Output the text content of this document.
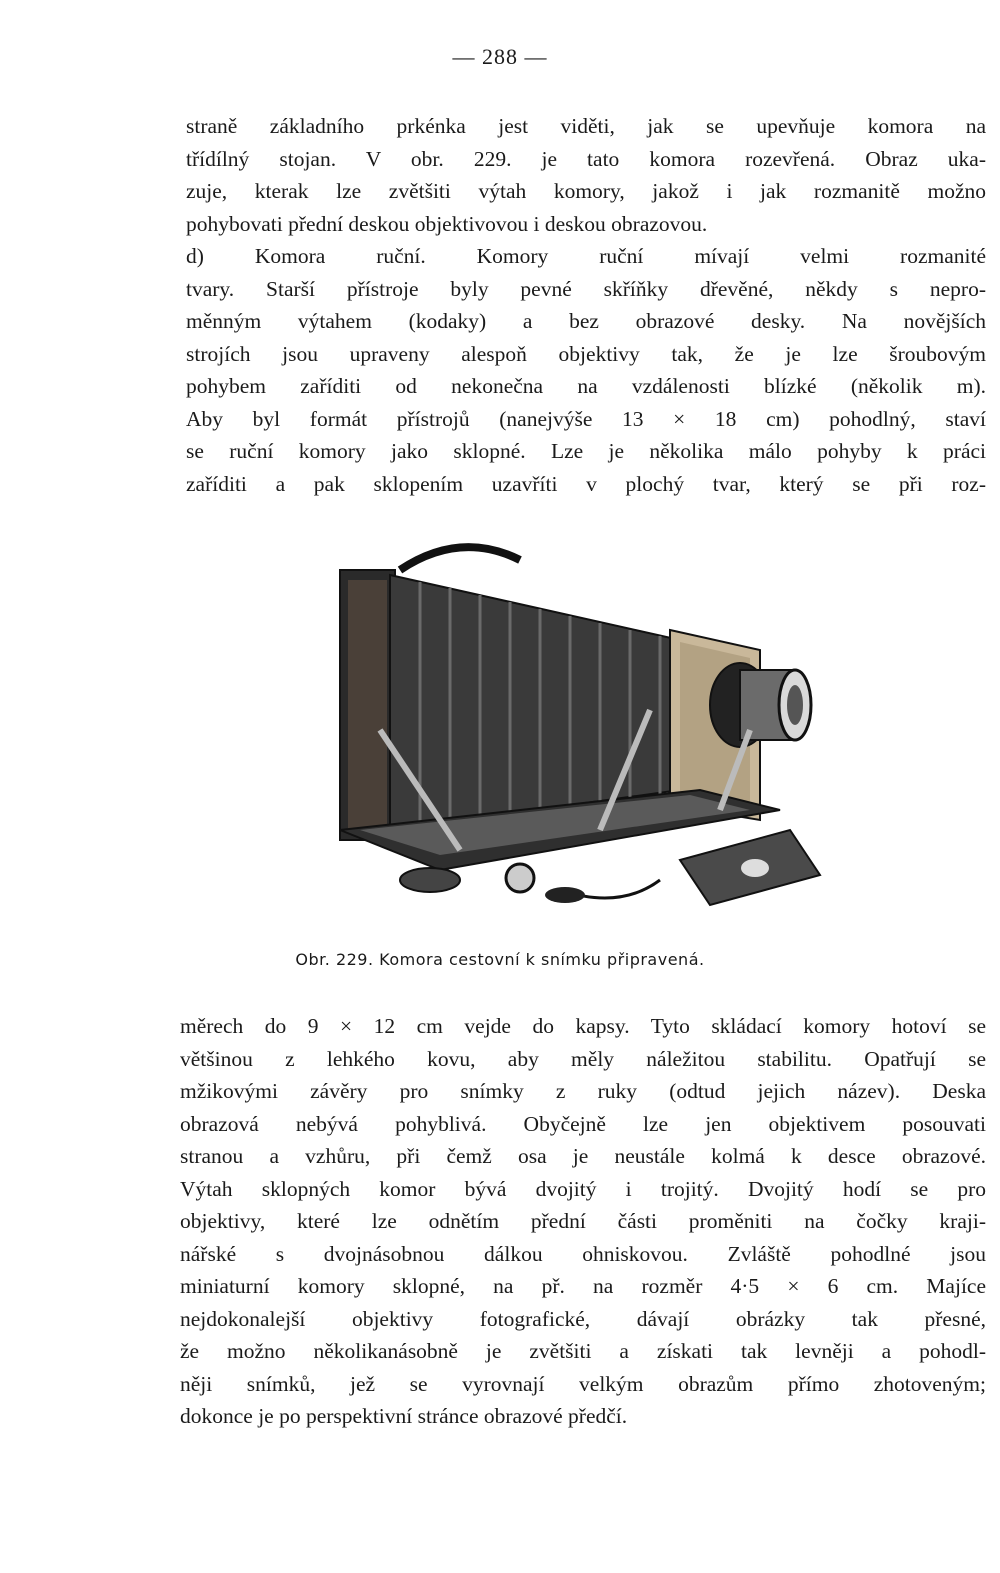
— 288 —
straně základního prkénka jest viděti, jak se upevňuje komora na
třídílný stojan. V obr. 229. je tato komora rozevřená. Obraz uka-
zuje, kterak lze zvětšiti výtah komory, jakož i jak rozmanitě možno
pohybovati přední deskou objektivovou i deskou obrazovou.
d) Komora ruční. Komory ruční mívají velmi rozmanité
tvary. Starší přístroje byly pevné skříňky dřevěné, někdy s nepro-
měnným výtahem (kodaky) a bez obrazové desky. Na novějších
strojích jsou upraveny alespoň objektivy tak, že je lze šroubovým
pohybem zaříditi od nekonečna na vzdálenosti blízké (několik m).
Aby byl formát přístrojů (nanejvýše 13 × 18 cm) pohodlný, staví
se ruční komory jako sklopné. Lze je několika málo pohyby k práci
zaříditi a pak sklopením uzavříti v plochý tvar, který se při roz-
Obr. 229. Komora cestovní k snímku připravená.
měrech do 9 × 12 cm vejde do kapsy. Tyto skládací komory hotoví se
většinou z lehkého kovu, aby měly náležitou stabilitu. Opatřují se
mžikovými závěry pro snímky z ruky (odtud jejich název). Deska
obrazová nebývá pohyblivá. Obyčejně lze jen objektivem posouvati
stranou a vzhůru, při čemž osa je neustále kolmá k desce obrazové.
Výtah sklopných komor bývá dvojitý i trojitý. Dvojitý hodí se pro
objektivy, které lze odnětím přední části proměniti na čočky kraji-
nářské s dvojnásobnou dálkou ohniskovou. Zvláště pohodlné jsou
miniaturní komory sklopné, na př. na rozměr 4·5 × 6 cm. Majíce
nejdokonalejší objektivy fotografické, dávají obrázky tak přesné,
že možno několikanásobně je zvětšiti a získati tak levněji a pohodl-
něji snímků, jež se vyrovnají velkým obrazům přímo zhotoveným;
dokonce je po perspektivní stránce obrazové předčí.
